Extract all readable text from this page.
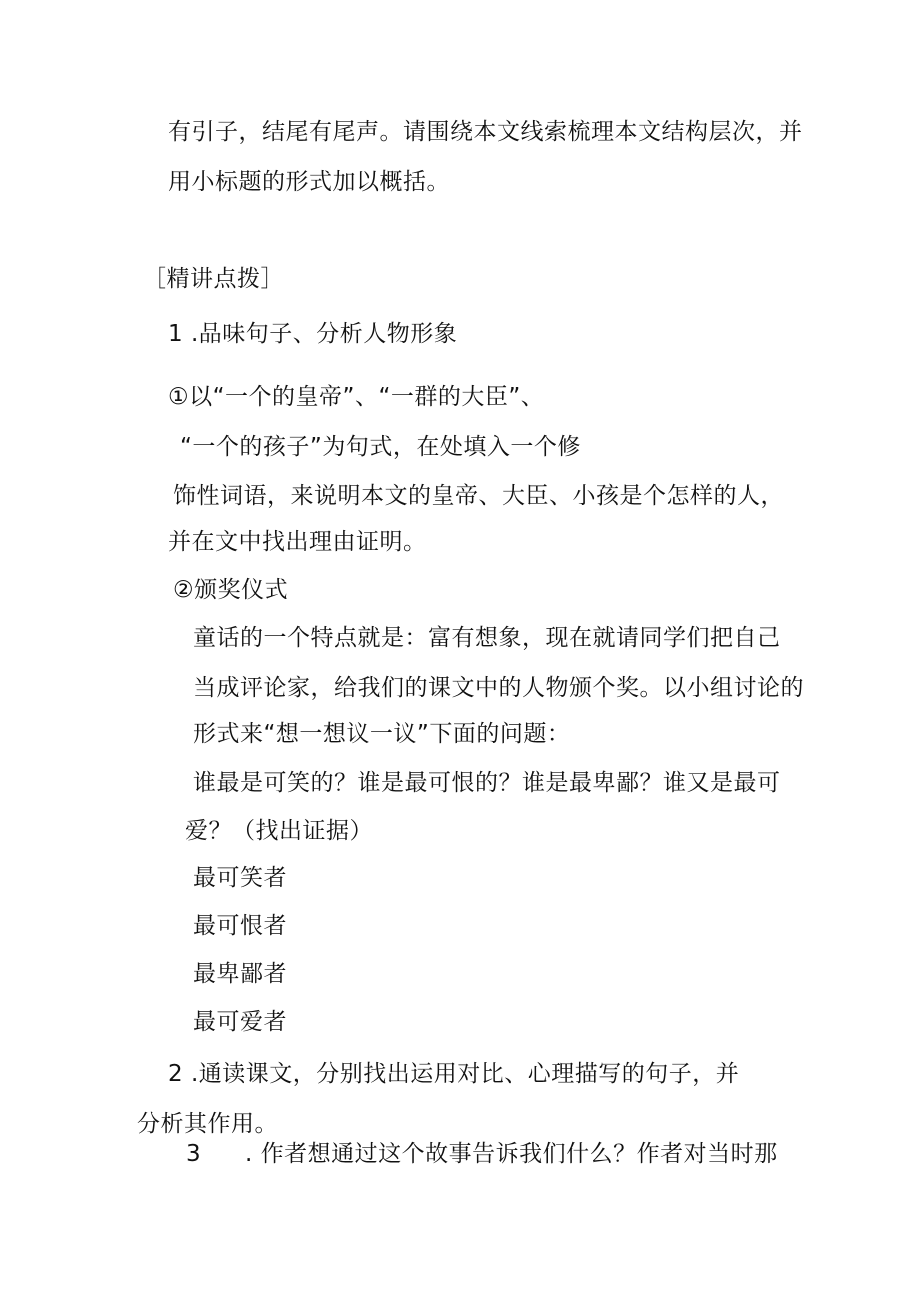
有引子，结尾有尾声。请围绕本文线索梳理本文结构层次，并
用小标题的形式加以概括。
［精讲点拨］
1 .品味句子、分析人物形象
①以“一个的皇帝”、“一群的大臣”、
“一个的孩子”为句式，在处填入一个修
饰性词语，来说明本文的皇帝、大臣、小孩是个怎样的人，
并在文中找出理由证明。
②颁奖仪式
童话的一个特点就是：富有想象，现在就请同学们把自己
当成评论家，给我们的课文中的人物颁个奖。以小组讨论的
形式来“想一想议一议”下面的问题：
谁最是可笑的？谁是最可恨的？谁是最卑鄙？谁又是最可
爱？（找出证据）
最可笑者
最可恨者
最卑鄙者
最可爱者
2 .通读课文，分别找出运用对比、心理描写的句子，并
分析其作用。
3 . 作者想通过这个故事告诉我们什么？作者对当时那
